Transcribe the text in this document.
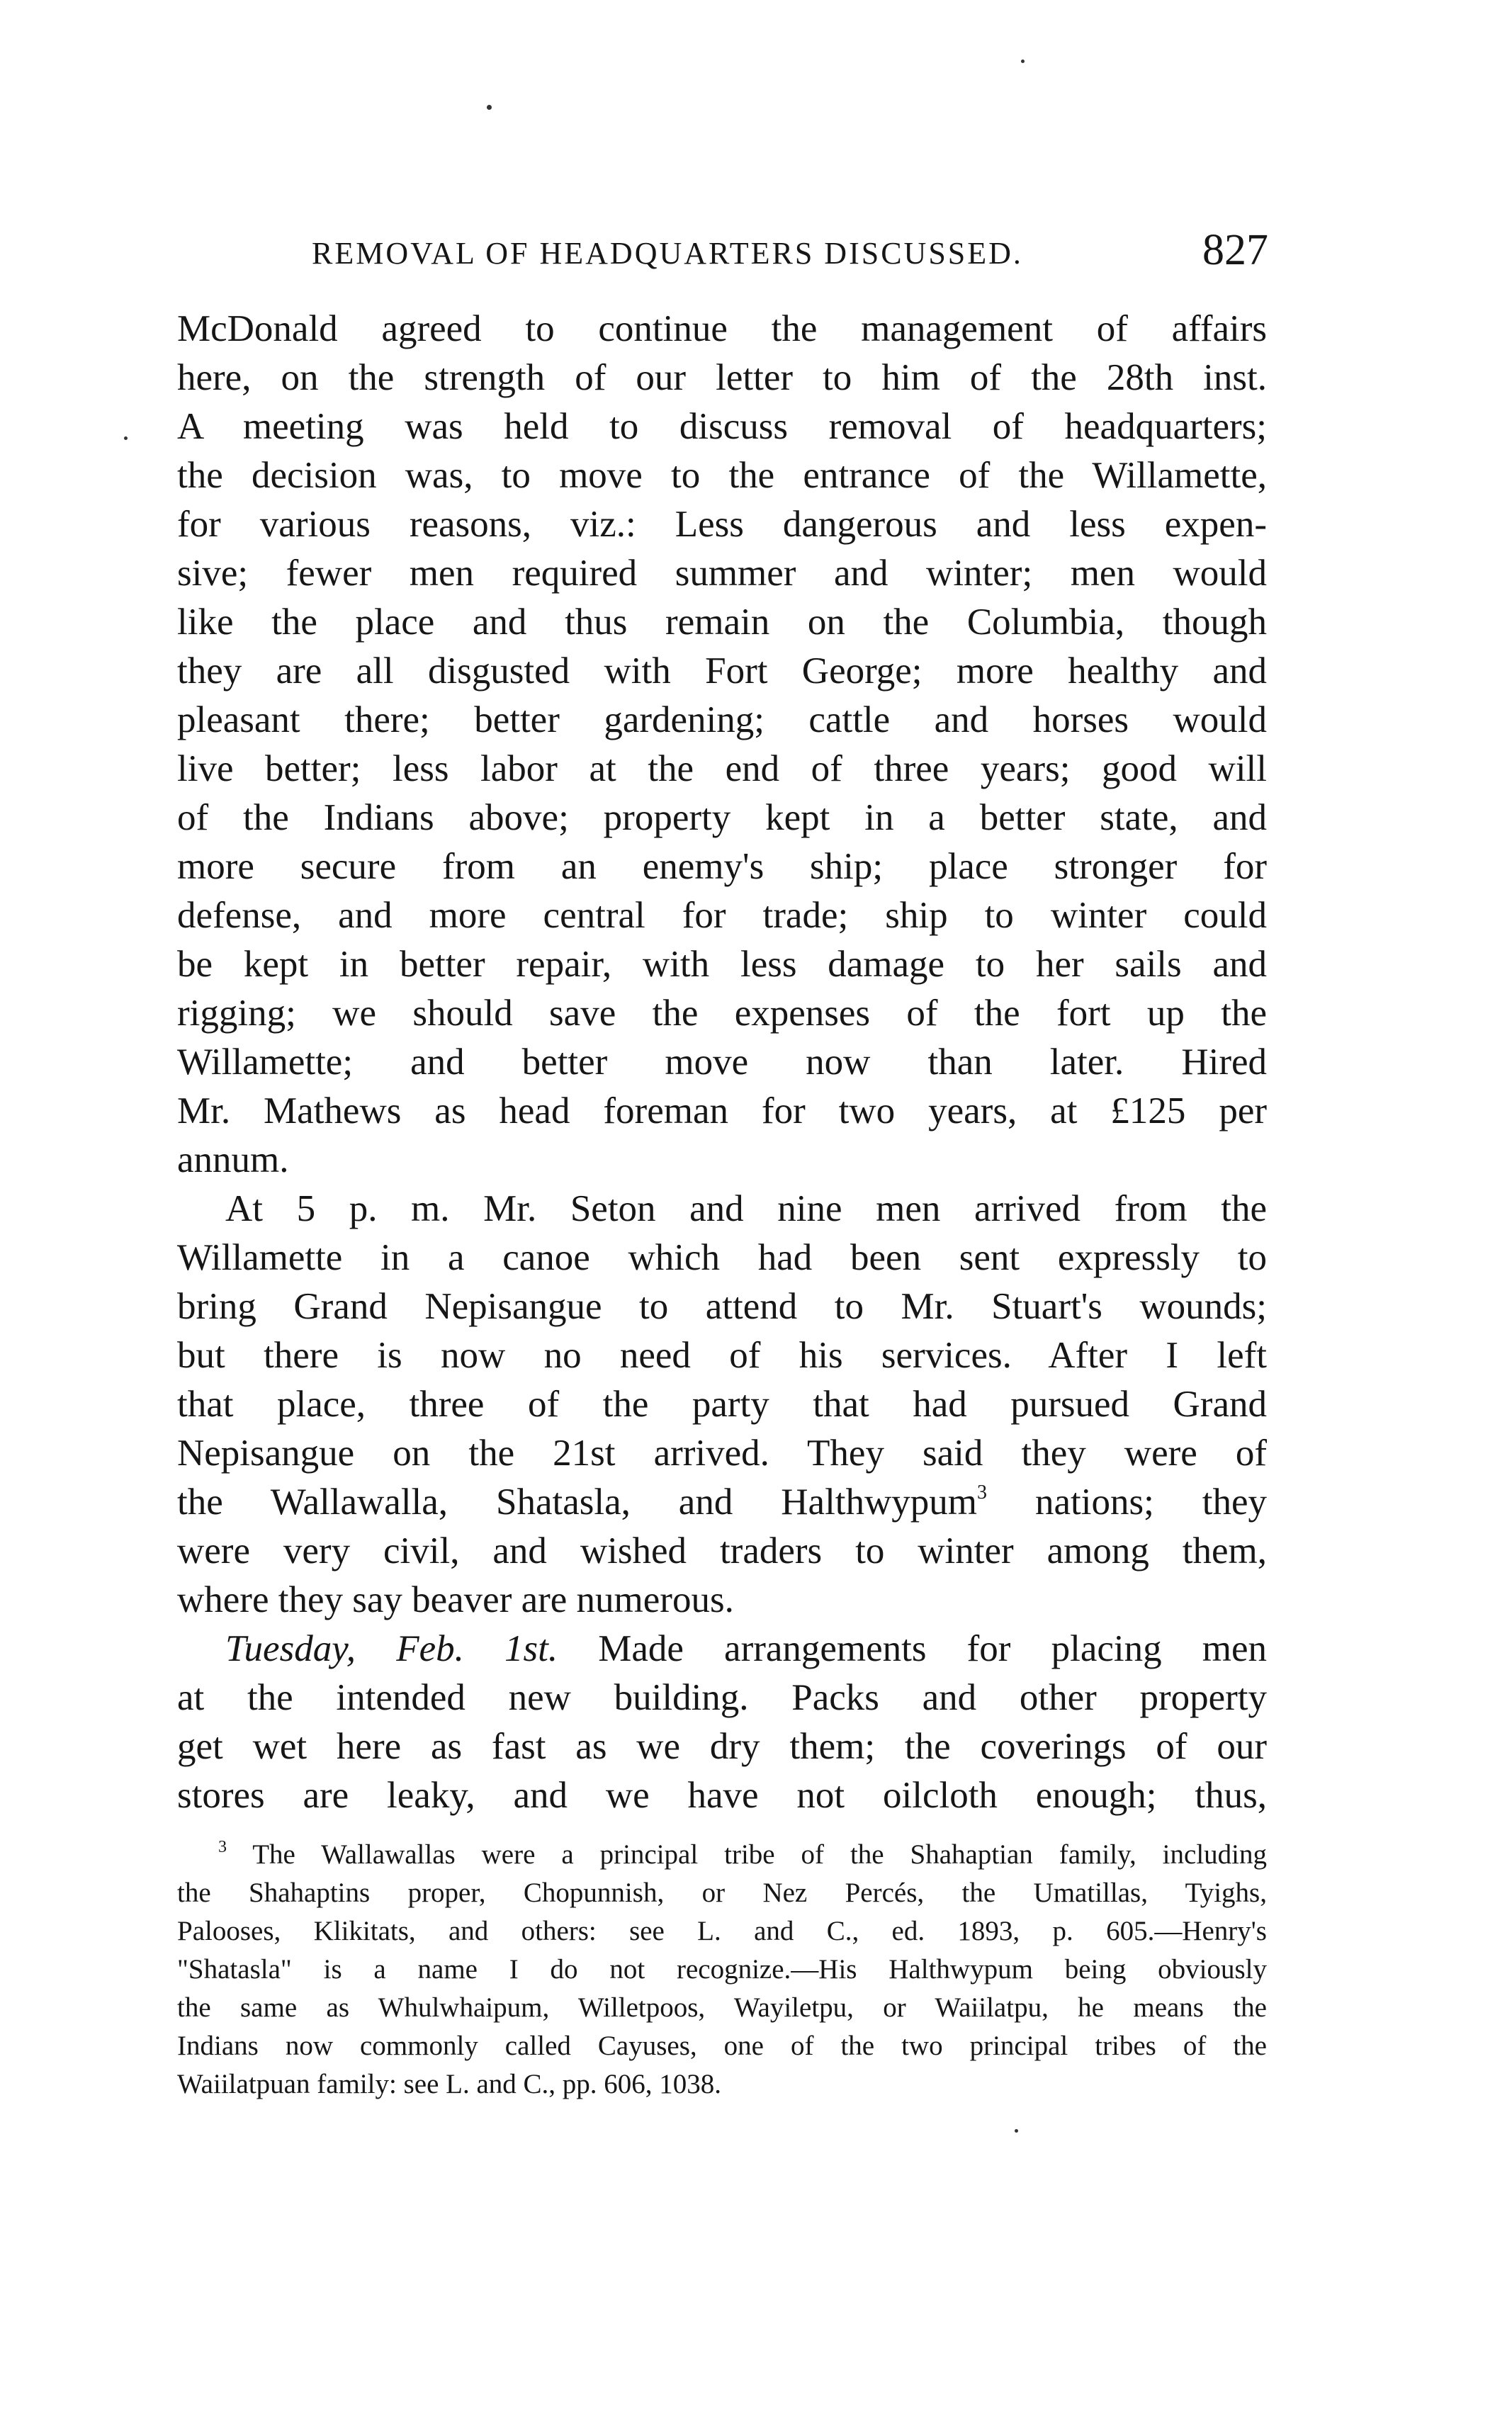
REMOVAL OF HEADQUARTERS DISCUSSED.	827
McDonald agreed to continue the management of affairs
here, on the strength of our letter to him of the 28th inst.
A meeting was held to discuss removal of headquarters;
the decision was, to move to the entrance of the Willamette,
for various reasons, viz.: Less dangerous and less expen-
sive; fewer men required summer and winter; men would
like the place and thus remain on the Columbia, though
they are all disgusted with Fort George; more healthy and
pleasant there; better gardening; cattle and horses would
live better; less labor at the end of three years; good will
of the Indians above; property kept in a better state, and
more secure from an enemy's ship; place stronger for
defense, and more central for trade; ship to winter could
be kept in better repair, with less damage to her sails and
rigging; we should save the expenses of the fort up the
Willamette; and better move now than later. Hired
Mr. Mathews as head foreman for two years, at £125 per
annum.
At 5 p. m. Mr. Seton and nine men arrived from the
Willamette in a canoe which had been sent expressly to
bring Grand Nepisangue to attend to Mr. Stuart's wounds;
but there is now no need of his services. After I left
that place, three of the party that had pursued Grand
Nepisangue on the 21st arrived. They said they were of
the Wallawalla, Shatasla, and Halthwypum$^3$ nations; they
were very civil, and wished traders to winter among them,
where they say beaver are numerous.
Tuesday, Feb. 1st. Made arrangements for placing men
at the intended new building. Packs and other property
get wet here as fast as we dry them; the coverings of our
stores are leaky, and we have not oilcloth enough; thus,
$^3$ The Wallawallas were a principal tribe of the Shahaptian family, including
the Shahaptins proper, Chopunnish, or Nez Percés, the Umatillas, Tyighs,
Palooses, Klikitats, and others: see L. and C., ed. 1893, p. 605.—Henry's
"Shatasla" is a name I do not recognize.—His Halthwypum being obviously
the same as Whulwhaipum, Willetpoos, Wayiletpu, or Waiilatpu, he means the
Indians now commonly called Cayuses, one of the two principal tribes of the
Waiilatpuan family: see L. and C., pp. 606, 1038.
